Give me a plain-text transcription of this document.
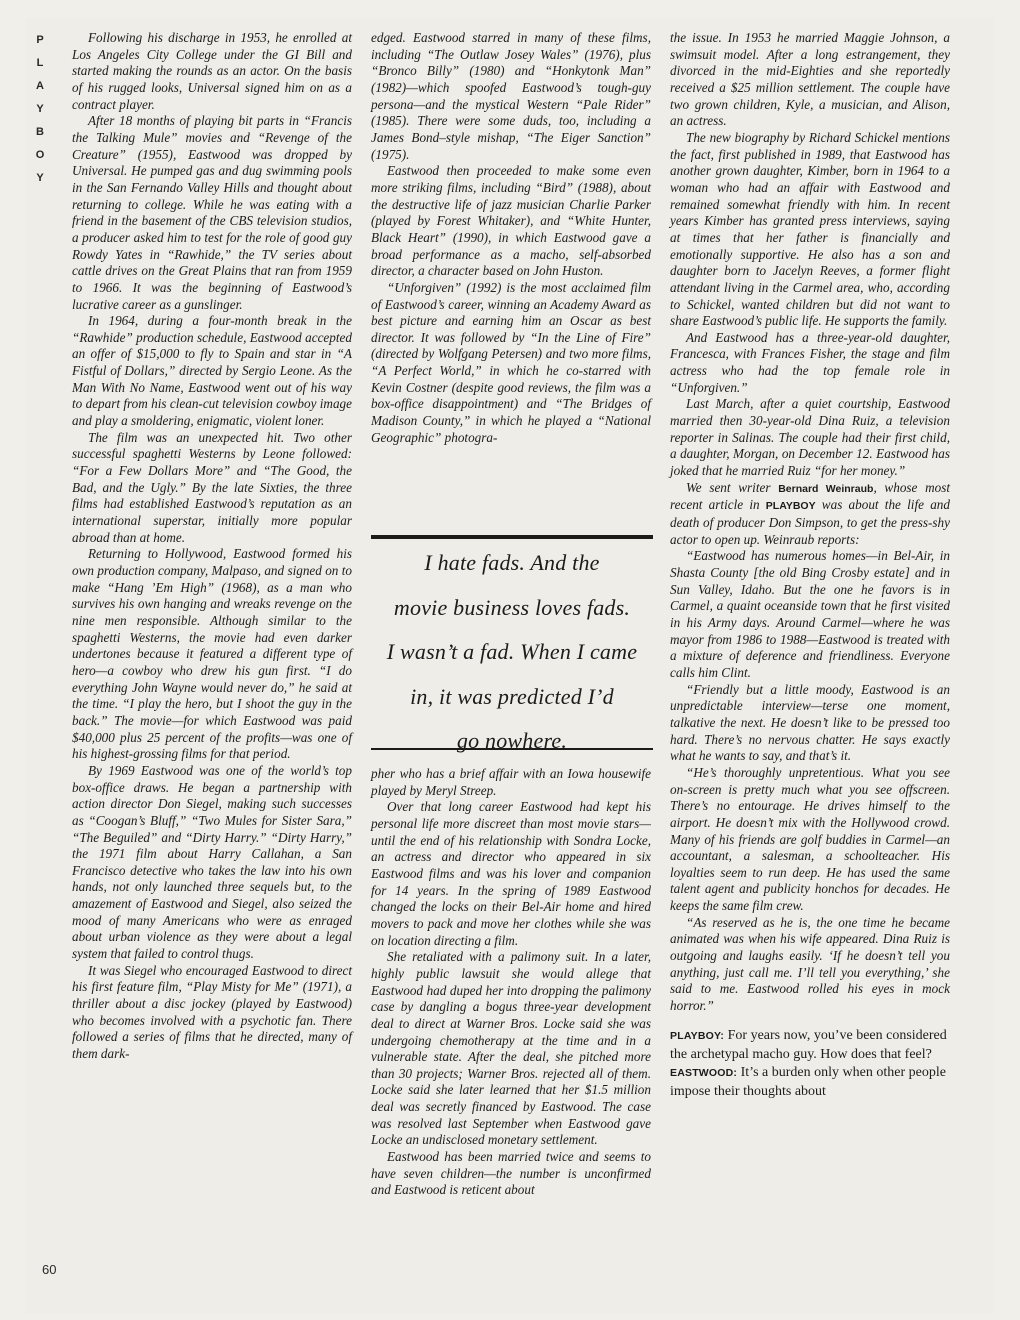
P
L
A
Y
B
O
Y

Following his discharge in 1953, he enrolled at Los Angeles City College under the GI Bill and started making the rounds as an actor. On the basis of his rugged looks, Universal signed him on as a contract player.

After 18 months of playing bit parts in “Francis the Talking Mule” movies and “Revenge of the Creature” (1955), Eastwood was dropped by Universal. He pumped gas and dug swimming pools in the San Fernando Valley Hills and thought about returning to college. While he was eating with a friend in the basement of the CBS television studios, a producer asked him to test for the role of good guy Rowdy Yates in “Rawhide,” the TV series about cattle drives on the Great Plains that ran from 1959 to 1966. It was the beginning of Eastwood’s lucrative career as a gunslinger.

In 1964, during a four-month break in the “Rawhide” production schedule, Eastwood accepted an offer of $15,000 to fly to Spain and star in “A Fistful of Dollars,” directed by Sergio Leone. As the Man With No Name, Eastwood went out of his way to depart from his clean-cut television cowboy image and play a smoldering, enigmatic, violent loner.

The film was an unexpected hit. Two other successful spaghetti Westerns by Leone followed: “For a Few Dollars More” and “The Good, the Bad, and the Ugly.” By the late Sixties, the three films had established Eastwood’s reputation as an international superstar, initially more popular abroad than at home.

Returning to Hollywood, Eastwood formed his own production company, Malpaso, and signed on to make “Hang ’Em High” (1968), as a man who survives his own hanging and wreaks revenge on the nine men responsible. Although similar to the spaghetti Westerns, the movie had even darker undertones because it featured a different type of hero—a cowboy who drew his gun first. “I do everything John Wayne would never do,” he said at the time. “I play the hero, but I shoot the guy in the back.” The movie—for which Eastwood was paid $40,000 plus 25 percent of the profits—was one of his highest-grossing films for that period.

By 1969 Eastwood was one of the world’s top box-office draws. He began a partnership with action director Don Siegel, making such successes as “Coogan’s Bluff,” “Two Mules for Sister Sara,” “The Beguiled” and “Dirty Harry.” “Dirty Harry,” the 1971 film about Harry Callahan, a San Francisco detective who takes the law into his own hands, not only launched three sequels but, to the amazement of Eastwood and Siegel, also seized the mood of many Americans who were as enraged about urban violence as they were about a legal system that failed to control thugs.

It was Siegel who encouraged Eastwood to direct his first feature film, “Play Misty for Me” (1971), a thriller about a disc jockey (played by Eastwood) who becomes involved with a psychotic fan. There followed a series of films that he directed, many of them dark-

edged. Eastwood starred in many of these films, including “The Outlaw Josey Wales” (1976), plus “Bronco Billy” (1980) and “Honkytonk Man” (1982)—which spoofed Eastwood’s tough-guy persona—and the mystical Western “Pale Rider” (1985). There were some duds, too, including a James Bond–style mishap, “The Eiger Sanction” (1975).

Eastwood then proceeded to make some even more striking films, including “Bird” (1988), about the destructive life of jazz musician Charlie Parker (played by Forest Whitaker), and “White Hunter, Black Heart” (1990), in which Eastwood gave a broad performance as a macho, self-absorbed director, a character based on John Huston.

“Unforgiven” (1992) is the most acclaimed film of Eastwood’s career, winning an Academy Award as best picture and earning him an Oscar as best director. It was followed by “In the Line of Fire” (directed by Wolfgang Petersen) and two more films, “A Perfect World,” in which he co-starred with Kevin Costner (despite good reviews, the film was a box-office disappointment) and “The Bridges of Madison County,” in which he played a “National Geographic” photogra-

I hate fads. And the
movie business loves fads.
I wasn’t a fad. When I came
in, it was predicted I’d
go nowhere.

pher who has a brief affair with an Iowa housewife played by Meryl Streep.

Over that long career Eastwood had kept his personal life more discreet than most movie stars—until the end of his relationship with Sondra Locke, an actress and director who appeared in six Eastwood films and was his lover and companion for 14 years. In the spring of 1989 Eastwood changed the locks on their Bel-Air home and hired movers to pack and move her clothes while she was on location directing a film.

She retaliated with a palimony suit. In a later, highly public lawsuit she would allege that Eastwood had duped her into dropping the palimony case by dangling a bogus three-year development deal to direct at Warner Bros. Locke said she was undergoing chemotherapy at the time and in a vulnerable state. After the deal, she pitched more than 30 projects; Warner Bros. rejected all of them. Locke said she later learned that her $1.5 million deal was secretly financed by Eastwood. The case was resolved last September when Eastwood gave Locke an undisclosed monetary settlement.

Eastwood has been married twice and seems to have seven children—the number is unconfirmed and Eastwood is reticent about

the issue. In 1953 he married Maggie Johnson, a swimsuit model. After a long estrangement, they divorced in the mid-Eighties and she reportedly received a $25 million settlement. The couple have two grown children, Kyle, a musician, and Alison, an actress.

The new biography by Richard Schickel mentions the fact, first published in 1989, that Eastwood has another grown daughter, Kimber, born in 1964 to a woman who had an affair with Eastwood and remained somewhat friendly with him. In recent years Kimber has granted press interviews, saying at times that her father is financially and emotionally supportive. He also has a son and daughter born to Jacelyn Reeves, a former flight attendant living in the Carmel area, who, according to Schickel, wanted children but did not want to share Eastwood’s public life. He supports the family.

And Eastwood has a three-year-old daughter, Francesca, with Frances Fisher, the stage and film actress who had the top female role in “Unforgiven.”

Last March, after a quiet courtship, Eastwood married then 30-year-old Dina Ruiz, a television reporter in Salinas. The couple had their first child, a daughter, Morgan, on December 12. Eastwood has joked that he married Ruiz “for her money.”

We sent writer Bernard Weinraub, whose most recent article in PLAYBOY was about the life and death of producer Don Simpson, to get the press-shy actor to open up. Weinraub reports:

“Eastwood has numerous homes—in Bel-Air, in Shasta County [the old Bing Crosby estate] and in Sun Valley, Idaho. But the one he favors is in Carmel, a quaint oceanside town that he first visited in his Army days. Around Carmel—where he was mayor from 1986 to 1988—Eastwood is treated with a mixture of deference and friendliness. Everyone calls him Clint.

“Friendly but a little moody, Eastwood is an unpredictable interview—terse one moment, talkative the next. He doesn’t like to be pressed too hard. There’s no nervous chatter. He says exactly what he wants to say, and that’s it.

“He’s thoroughly unpretentious. What you see on-screen is pretty much what you see offscreen. There’s no entourage. He drives himself to the airport. He doesn’t mix with the Hollywood crowd. Many of his friends are golf buddies in Carmel—an accountant, a salesman, a schoolteacher. His loyalties seem to run deep. He has used the same talent agent and publicity honchos for decades. He keeps the same film crew.

“As reserved as he is, the one time he became animated was when his wife appeared. Dina Ruiz is outgoing and laughs easily. ‘If he doesn’t tell you anything, just call me. I’ll tell you everything,’ she said to me. Eastwood rolled his eyes in mock horror.”

PLAYBOY: For years now, you’ve been considered the archetypal macho guy. How does that feel?

EASTWOOD: It’s a burden only when other people impose their thoughts about

60
